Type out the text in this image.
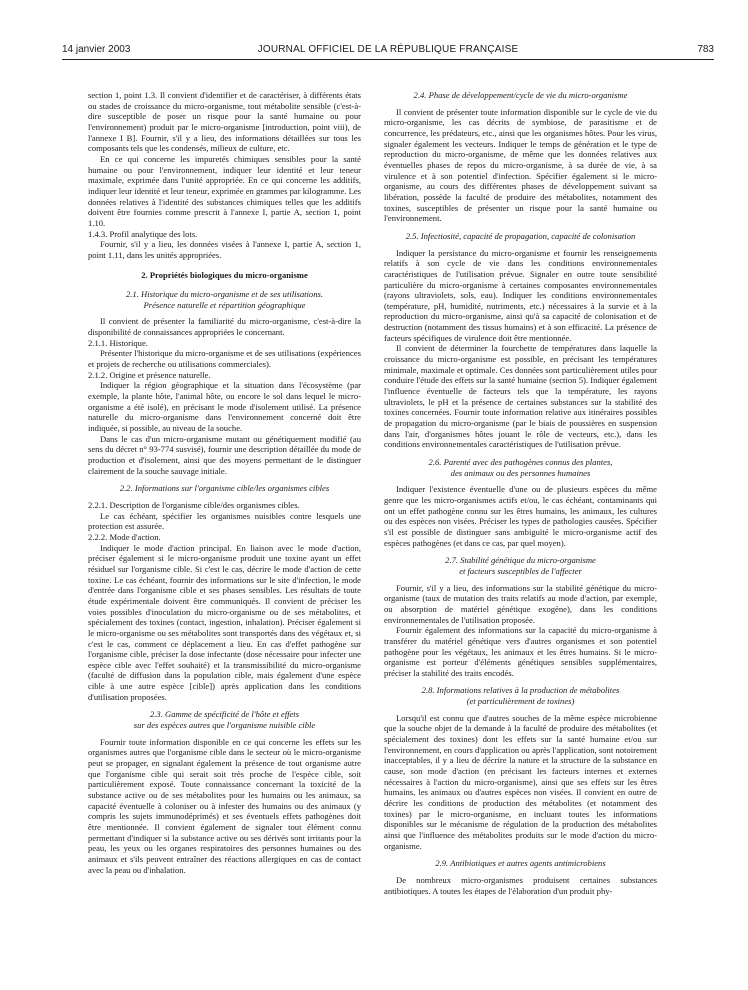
14 janvier 2003	JOURNAL OFFICIEL DE LA RÉPUBLIQUE FRANÇAISE	783

section 1, point 1.3. Il convient d'identifier et de caractériser, à différents états ou stades de croissance du micro-organisme, tout métabolite sensible (c'est-à-dire susceptible de poser un risque pour la santé humaine ou pour l'environnement) produit par le micro-organisme [introduction, point viii), de l'annexe I B]. Fournir, s'il y a lieu, des informations détaillées sur tous les composants tels que les condensés, milieux de culture, etc.

En ce qui concerne les impuretés chimiques sensibles pour la santé humaine ou pour l'environnement, indiquer leur identité et leur teneur maximale, exprimée dans l'unité appropriée. En ce qui concerne les additifs, indiquer leur identité et leur teneur, exprimée en grammes par kilogramme. Les données relatives à l'identité des substances chimiques telles que les additifs doivent être fournies comme prescrit à l'annexe I, partie A, section 1, point 1.10.

1.4.3. Profil analytique des lots.

Fournir, s'il y a lieu, les données visées à l'annexe I, partie A, section 1, point 1.11, dans les unités appropriées.

2. Propriétés biologiques du micro-organisme
2.1. Historique du micro-organisme et de ses utilisations.
Présence naturelle et répartition géographique

Il convient de présenter la familiarité du micro-organisme, c'est-à-dire la disponibilité de connaissances appropriées le concernant.

2.1.1. Historique.

Présenter l'historique du micro-organisme et de ses utilisations (expériences et projets de recherche ou utilisations commerciales).

2.1.2. Origine et présence naturelle.

Indiquer la région géographique et la situation dans l'écosystème (par exemple, la plante hôte, l'animal hôte, ou encore le sol dans lequel le micro-organisme a été isolé), en précisant le mode d'isolement utilisé. La présence naturelle du micro-organisme dans l'environnement concerné doit être indiquée, si possible, au niveau de la souche.

Dans le cas d'un micro-organisme mutant ou génétiquement modifié (au sens du décret n° 93-774 susvisé), fournir une description détaillée du mode de production et d'isolement, ainsi que des moyens permettant de le distinguer clairement de la souche sauvage initiale.

2.2. Informations sur l'organisme cible/les organismes cibles
2.2.1. Description de l'organisme cible/des organismes cibles.

Le cas échéant, spécifier les organismes nuisibles contre lesquels une protection est assurée.

2.2.2. Mode d'action.

Indiquer le mode d'action principal. En liaison avec le mode d'action, préciser également si le micro-organisme produit une toxine ayant un effet résiduel sur l'organisme cible. Si c'est le cas, décrire le mode d'action de cette toxine. Le cas échéant, fournir des informations sur le site d'infection, le mode d'entrée dans l'organisme cible et ses phases sensibles. Les résultats de toute étude expérimentale doivent être communiqués. Il convient de préciser les voies possibles d'inoculation du micro-organisme ou de ses métabolites, et spécialement des toxines (contact, ingestion, inhalation). Préciser également si le micro-organisme ou ses métabolites sont transportés dans des végétaux et, si c'est le cas, comment ce déplacement a lieu. En cas d'effet pathogène sur l'organisme cible, préciser la dose infectante (dose nécessaire pour infecter une espèce cible avec l'effet souhaité) et la transmissibilité du micro-organisme (faculté de diffusion dans la population cible, mais également d'une espèce cible à une autre espèce [cible]) après application dans les conditions d'utilisation proposées.

2.3. Gamme de spécificité de l'hôte et effets
sur des espèces autres que l'organisme nuisible cible

Fournir toute information disponible en ce qui concerne les effets sur les organismes autres que l'organisme cible dans le secteur où le micro-organisme peut se propager, en signalant également la présence de tout organisme autre que l'organisme cible qui serait soit très proche de l'espèce cible, soit particulièrement exposé. Toute connaissance concernant la toxicité de la substance active ou de ses métabolites pour les humains ou les animaux, sa capacité éventuelle à coloniser ou à infester des humains ou des animaux (y compris les sujets immunodéprimés) et ses éventuels effets pathogènes doit être mentionnée. Il convient également de signaler tout élément connu permettant d'indiquer si la substance active ou ses dérivés sont irritants pour la peau, les yeux ou les organes respiratoires des personnes humaines ou des animaux et s'ils peuvent entraîner des réactions allergiques en cas de contact avec la peau ou d'inhalation.

2.4. Phase de développement/cycle de vie du micro-organisme

Il convient de présenter toute information disponible sur le cycle de vie du micro-organisme, les cas décrits de symbiose, de parasitisme et de concurrence, les prédateurs, etc., ainsi que les organismes hôtes. Pour les virus, signaler également les vecteurs. Indiquer le temps de génération et le type de reproduction du micro-organisme, de même que les données relatives aux éventuelles phases de repos du micro-organisme, à sa durée de vie, à sa virulence et à son potentiel d'infection. Spécifier également si le micro-organisme, au cours des différentes phases de développement suivant sa libération, possède la faculté de produire des métabolites, notamment des toxines, susceptibles de présenter un risque pour la santé humaine ou l'environnement.

2.5. Infectiosité, capacité de propagation, capacité de colonisation

Indiquer la persistance du micro-organisme et fournir les renseignements relatifs à son cycle de vie dans les conditions environnementales caractéristiques de l'utilisation prévue. Signaler en outre toute sensibilité particulière du micro-organisme à certaines composantes environnementales (rayons ultraviolets, sols, eau). Indiquer les conditions environnementales (température, pH, humidité, nutriments, etc.) nécessaires à la survie et à la reproduction du micro-organisme, ainsi qu'à sa capacité de colonisation et de destruction (notamment des tissus humains) et à son efficacité. La présence de facteurs spécifiques de virulence doit être mentionnée.

Il convient de déterminer la fourchette de températures dans laquelle la croissance du micro-organisme est possible, en précisant les températures minimale, maximale et optimale. Ces données sont particulièrement utiles pour conduire l'étude des effets sur la santé humaine (section 5). Indiquer également l'influence éventuelle de facteurs tels que la température, les rayons ultraviolets, le pH et la présence de certaines substances sur la stabilité des toxines concernées. Fournir toute information relative aux itinéraires possibles de propagation du micro-organisme (par le biais de poussières en suspension dans l'air, d'organismes hôtes jouant le rôle de vecteurs, etc.), dans les conditions environnementales caractéristiques de l'utilisation prévue.

2.6. Parenté avec des pathogènes connus des plantes,
des animaux ou des personnes humaines

Indiquer l'existence éventuelle d'une ou de plusieurs espèces du même genre que les micro-organismes actifs et/ou, le cas échéant, contaminants qui ont un effet pathogène connu sur les êtres humains, les animaux, les cultures ou des espèces non visées. Préciser les types de pathologies causées. Spécifier s'il est possible de distinguer sans ambiguïté le micro-organisme actif des espèces pathogènes (et dans ce cas, par quel moyen).

2.7. Stabilité génétique du micro-organisme
et facteurs susceptibles de l'affecter

Fournir, s'il y a lieu, des informations sur la stabilité génétique du micro-organisme (taux de mutation des traits relatifs au mode d'action, par exemple, ou absorption de matériel génétique exogène), dans les conditions environnementales de l'utilisation proposée.

Fournir également des informations sur la capacité du micro-organisme à transférer du matériel génétique vers d'autres organismes et son potentiel pathogène pour les végétaux, les animaux et les êtres humains. Si le micro-organisme est porteur d'éléments génétiques sensibles supplémentaires, préciser la stabilité des traits encodés.

2.8. Informations relatives à la production de métabolites
(et particulièrement de toxines)

Lorsqu'il est connu que d'autres souches de la même espèce microbienne que la souche objet de la demande à la faculté de produire des métabolites (et spécialement des toxines) dont les effets sur la santé humaine et/ou sur l'environnement, en cours d'application ou après l'application, sont notoirement inacceptables, il y a lieu de décrire la nature et la structure de la substance en cause, son mode d'action (en précisant les facteurs internes et externes nécessaires à l'action du micro-organisme), ainsi que ses effets sur les êtres humains, les animaux ou d'autres espèces non visées. Il convient en outre de décrire les conditions de production des métabolites (et notamment des toxines) par le micro-organisme, en incluant toutes les informations disponibles sur le mécanisme de régulation de la production des métabolites ainsi que l'influence des métabolites produits sur le mode d'action du micro-organisme.

2.9. Antibiotiques et autres agents antimicrobiens

De nombreux micro-organismes produisent certaines substances antibiotiques. A toutes les étapes de l'élaboration d'un produit phy-
